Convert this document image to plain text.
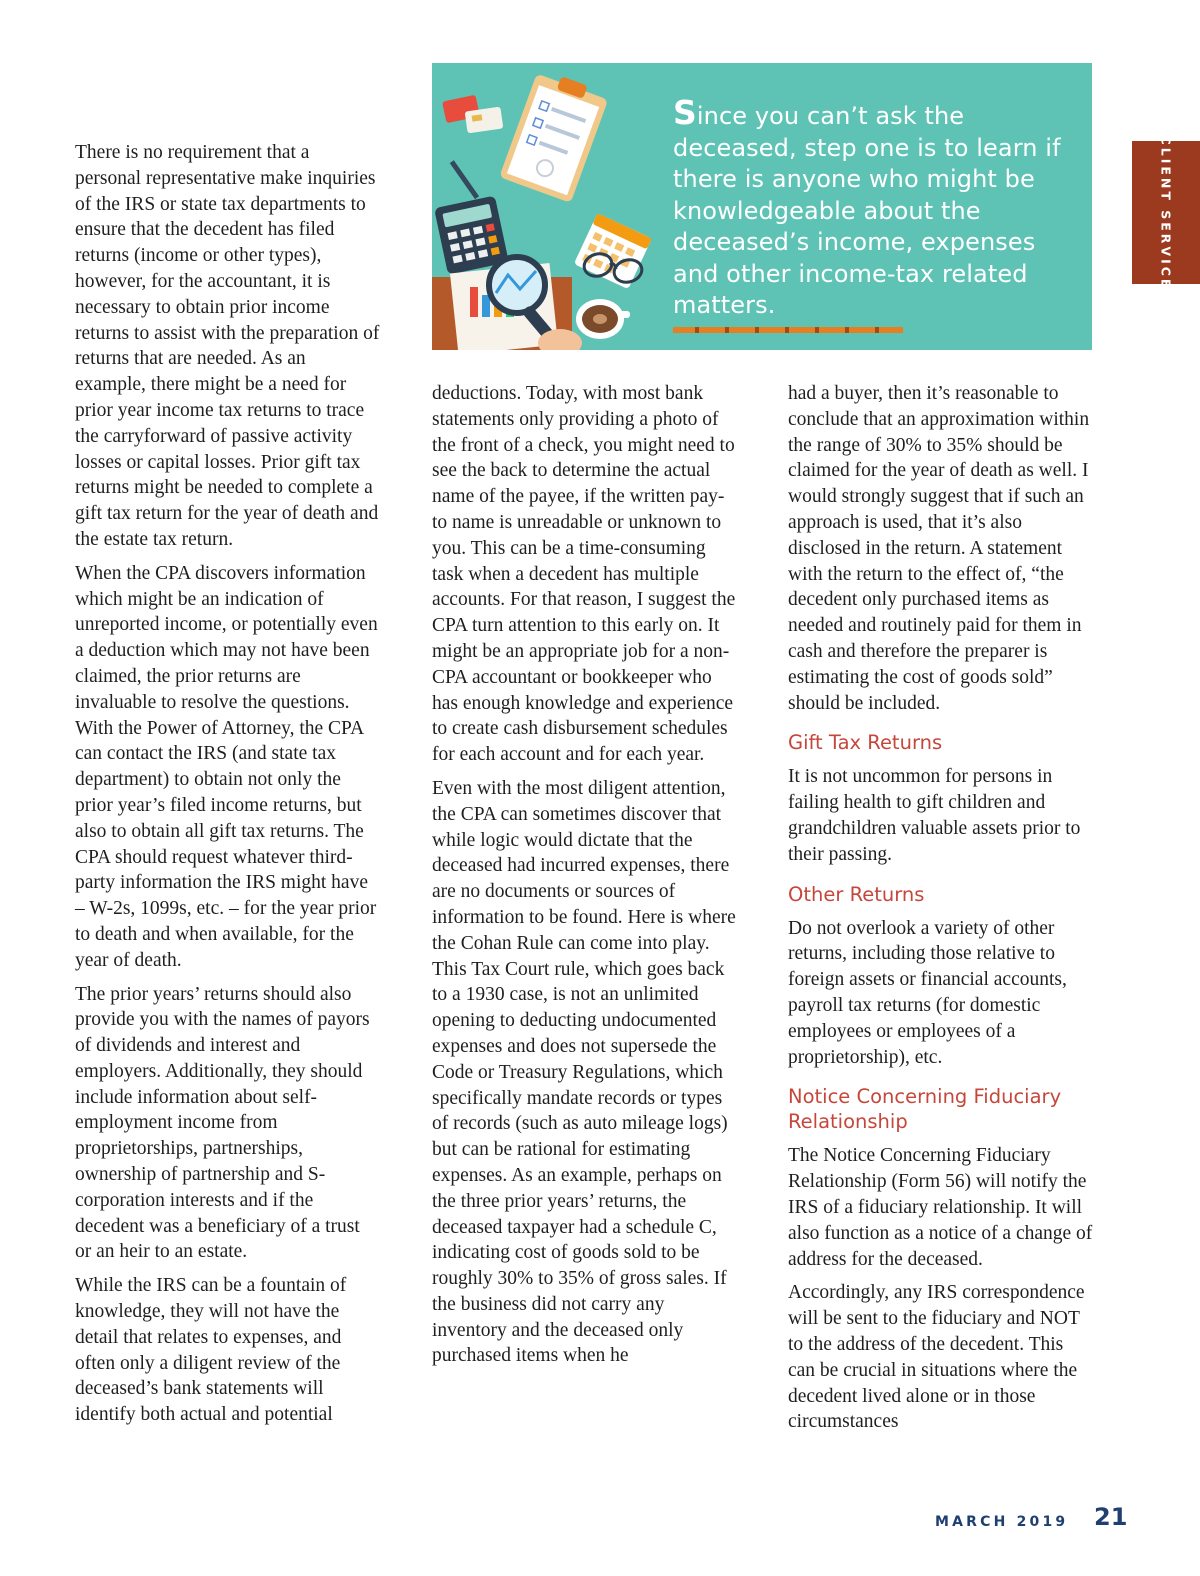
CLIENT SERVICE
Since you can’t ask the deceased, step one is to learn if there is anyone who might be knowledgeable about the deceased’s income, expenses and other income-tax related matters.

There is no requirement that a personal representative make inquiries of the IRS or state tax departments to ensure that the decedent has filed returns (income or other types), however, for the accountant, it is necessary to obtain prior income returns to assist with the preparation of returns that are needed. As an example, there might be a need for prior year income tax returns to trace the carryforward of passive activity losses or capital losses. Prior gift tax returns might be needed to complete a gift tax return for the year of death and the estate tax return.

When the CPA discovers information which might be an indication of unreported income, or potentially even a deduction which may not have been claimed, the prior returns are invaluable to resolve the questions. With the Power of Attorney, the CPA can contact the IRS (and state tax department) to obtain not only the prior year’s filed income returns, but also to obtain all gift tax returns. The CPA should request whatever third-party information the IRS might have – W-2s, 1099s, etc. – for the year prior to death and when available, for the year of death.

The prior years’ returns should also provide you with the names of payors of dividends and interest and employers. Additionally, they should include information about self-employment income from proprietorships, partnerships, ownership of partnership and S-corporation interests and if the decedent was a beneficiary of a trust or an heir to an estate.

While the IRS can be a fountain of knowledge, they will not have the detail that relates to expenses, and often only a diligent review of the deceased’s bank statements will identify both actual and potential

deductions. Today, with most bank statements only providing a photo of the front of a check, you might need to see the back to determine the actual name of the payee, if the written pay-to name is unreadable or unknown to you. This can be a time-consuming task when a decedent has multiple accounts. For that reason, I suggest the CPA turn attention to this early on. It might be an appropriate job for a non-CPA accountant or bookkeeper who has enough knowledge and experience to create cash disbursement schedules for each account and for each year.

Even with the most diligent attention, the CPA can sometimes discover that while logic would dictate that the deceased had incurred expenses, there are no documents or sources of information to be found. Here is where the Cohan Rule can come into play. This Tax Court rule, which goes back to a 1930 case, is not an unlimited opening to deducting undocumented expenses and does not supersede the Code or Treasury Regulations, which specifically mandate records or types of records (such as auto mileage logs) but can be rational for estimating expenses. As an example, perhaps on the three prior years’ returns, the deceased taxpayer had a schedule C, indicating cost of goods sold to be roughly 30% to 35% of gross sales. If the business did not carry any inventory and the deceased only purchased items when he

had a buyer, then it’s reasonable to conclude that an approximation within the range of 30% to 35% should be claimed for the year of death as well. I would strongly suggest that if such an approach is used, that it’s also disclosed in the return. A statement with the return to the effect of, “the decedent only purchased items as needed and routinely paid for them in cash and therefore the preparer is estimating the cost of goods sold” should be included.

Gift Tax Returns

It is not uncommon for persons in failing health to gift children and grandchildren valuable assets prior to their passing.

Other Returns

Do not overlook a variety of other returns, including those relative to foreign assets or financial accounts, payroll tax returns (for domestic employees or employees of a proprietorship), etc.

Notice Concerning Fiduciary Relationship

The Notice Concerning Fiduciary Relationship (Form 56) will notify the IRS of a fiduciary relationship. It will also function as a notice of a change of address for the deceased.

Accordingly, any IRS correspondence will be sent to the fiduciary and NOT to the address of the decedent. This can be crucial in situations where the decedent lived alone or in those circumstances

MARCH 2019 21
